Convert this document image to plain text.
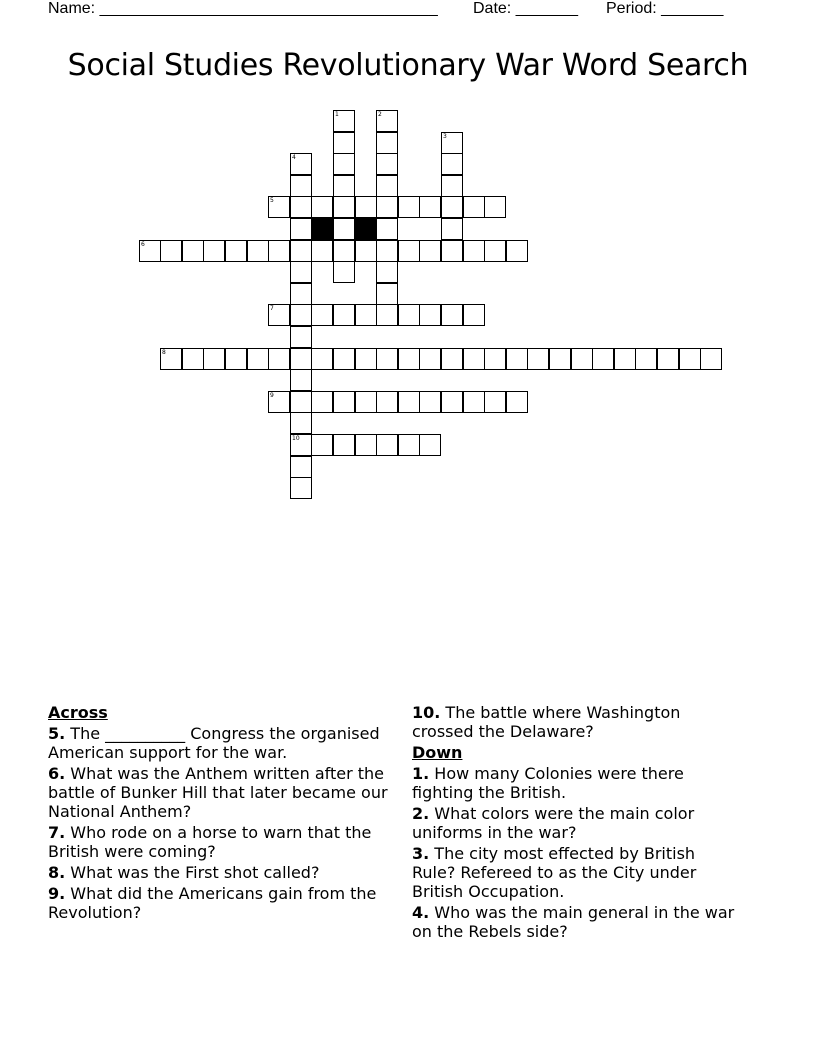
Name: ______________________________________

Date: _______

Period: _______

Social Studies Revolutionary War Word Search
1	2
3
4
10
5
6
7
8
9
Across
5. The __________ Congress the organised American support for the war.
6. What was the Anthem written after the battle of Bunker Hill that later became our National Anthem?
7. Who rode on a horse to warn that the British were coming?
8. What was the First shot called?
9. What did the Americans gain from the Revolution?
10. The battle where Washington crossed the Delaware?
Down
1. How many Colonies were there fighting the British.
2. What colors were the main color uniforms in the war?
3. The city most effected by British Rule? Refereed to as the City under British Occupation.
4. Who was the main general in the war on the Rebels side?
